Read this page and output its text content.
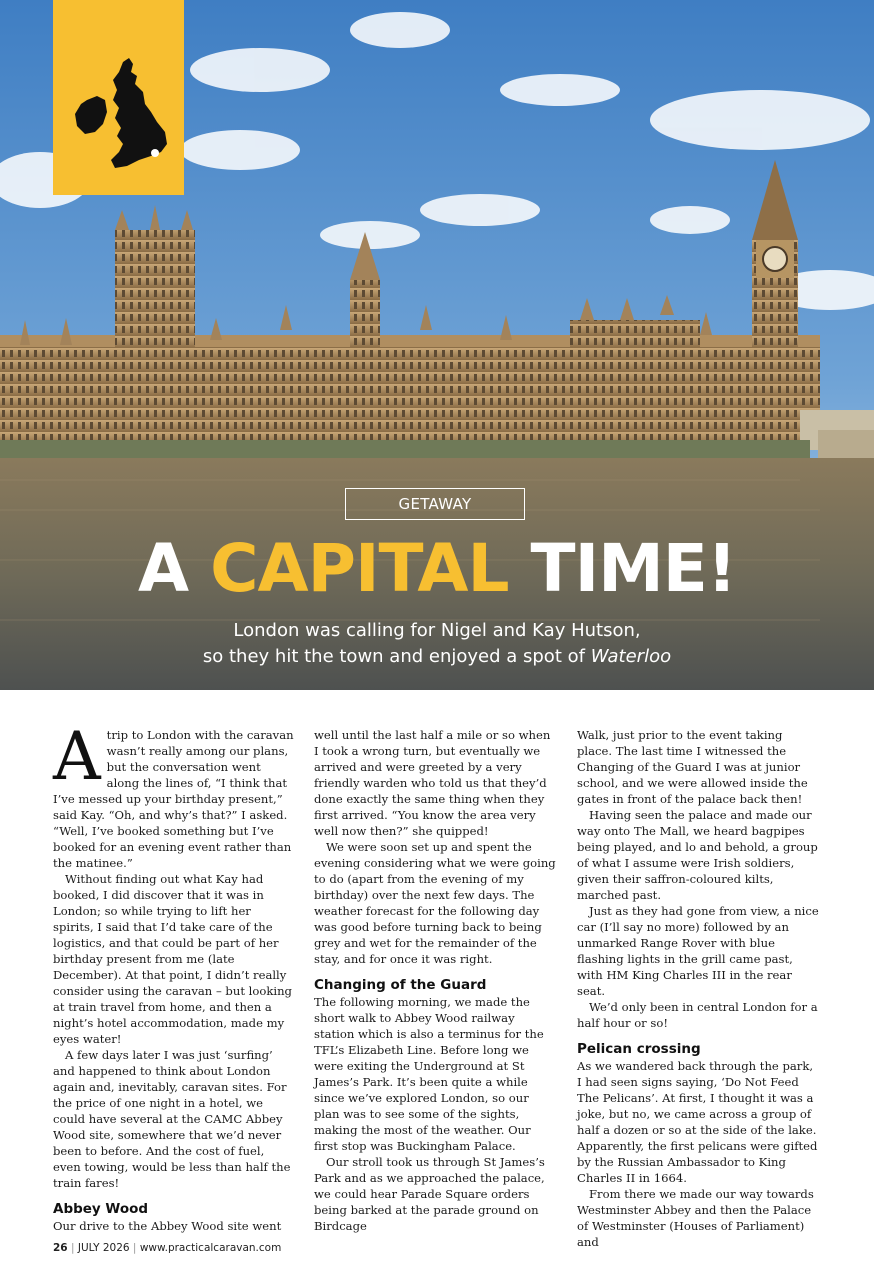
GETAWAY
A CAPITAL TIME!
London was calling for Nigel and Kay Hutson,
so they hit the town and enjoyed a spot of Waterloo

Atrip to London with the caravan wasn’t really among our plans, but the conversation went along the lines of, “I think that I’ve messed up your birthday present,” said Kay. “Oh, and why’s that?” I asked. “Well, I’ve booked something but I’ve booked for an evening event rather than the matinee.”

Without finding out what Kay had booked, I did discover that it was in London; so while trying to lift her spirits, I said that I’d take care of the logistics, and that could be part of her birthday present from me (late December). At that point, I didn’t really consider using the caravan – but looking at train travel from home, and then a night’s hotel accommodation, made my eyes water!

A few days later I was just ‘surfing’ and happened to think about London again and, inevitably, caravan sites. For the price of one night in a hotel, we could have several at the CAMC Abbey Wood site, somewhere that we’d never been to before. And the cost of fuel, even towing, would be less than half the train fares!

Abbey Wood

Our drive to the Abbey Wood site went

well until the last half a mile or so when I took a wrong turn, but eventually we arrived and were greeted by a very friendly warden who told us that they’d done exactly the same thing when they first arrived. “You know the area very well now then?” she quipped!

We were soon set up and spent the evening considering what we were going to do (apart from the evening of my birthday) over the next few days. The weather forecast for the following day was good before turning back to being grey and wet for the remainder of the stay, and for once it was right.

Changing of the Guard

The following morning, we made the short walk to Abbey Wood railway station which is also a terminus for the TFL’s Elizabeth Line. Before long we were exiting the Underground at St James’s Park. It’s been quite a while since we’ve explored London, so our plan was to see some of the sights, making the most of the weather. Our first stop was Buckingham Palace.

Our stroll took us through St James’s Park and as we approached the palace, we could hear Parade Square orders being barked at the parade ground on Birdcage

Walk, just prior to the event taking place. The last time I witnessed the Changing of the Guard I was at junior school, and we were allowed inside the gates in front of the palace back then!

Having seen the palace and made our way onto The Mall, we heard bagpipes being played, and lo and behold, a group of what I assume were Irish soldiers, given their saffron-coloured kilts, marched past.

Just as they had gone from view, a nice car (I’ll say no more) followed by an unmarked Range Rover with blue flashing lights in the grill came past, with HM King Charles III in the rear seat.

We’d only been in central London for a half hour or so!

Pelican crossing

As we wandered back through the park, I had seen signs saying, ‘Do Not Feed The Pelicans’. At first, I thought it was a joke, but no, we came across a group of half a dozen or so at the side of the lake. Apparently, the first pelicans were gifted by the Russian Ambassador to King Charles II in 1664.

From there we made our way towards Westminster Abbey and then the Palace of Westminster (Houses of Parliament) and

26 | JULY 2026 | www.practicalcaravan.com
